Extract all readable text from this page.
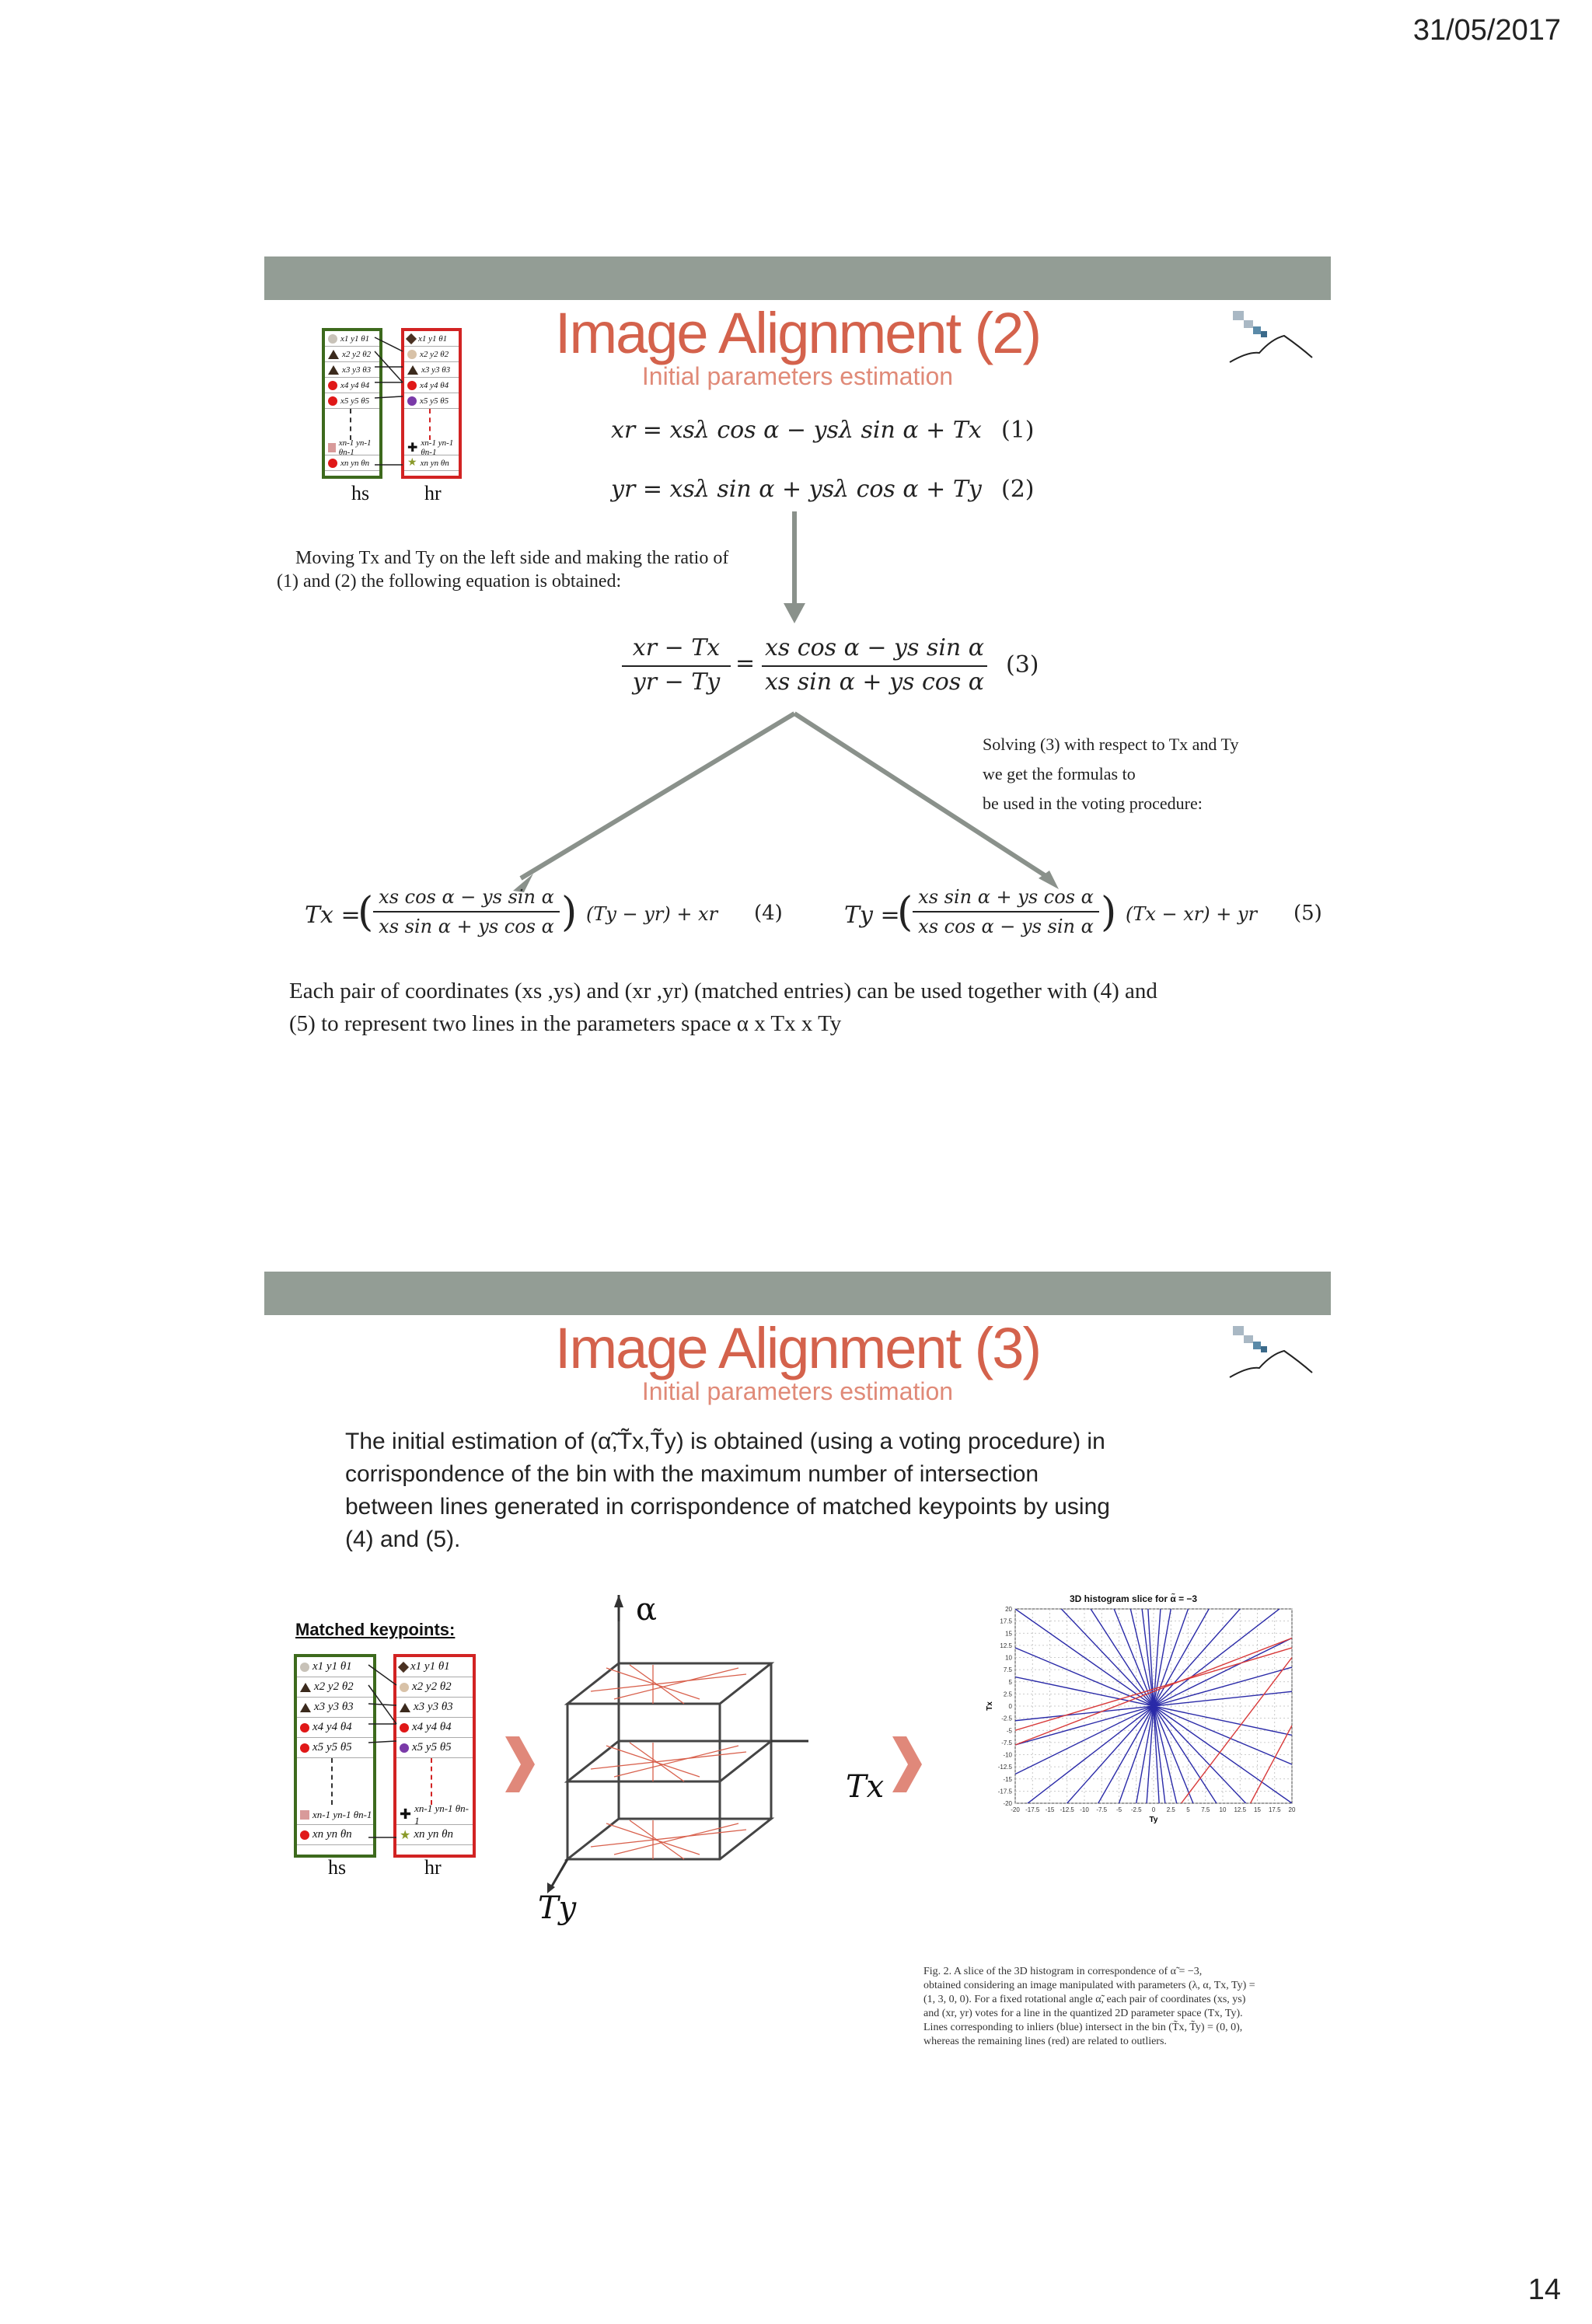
31/05/2017
x1 y1 θ1
x2 y2 θ2
x3 y3 θ3
x4 y4 θ4
x5 y5 θ5
xn-1 yn-1 θn-1
xn yn θn
x1 y1 θ1
x2 y2 θ2
x3 y3 θ3
x4 y4 θ4
x5 y5 θ5
✚ xn-1 yn-1 θn-1
★ xn yn θn
hs	hr
Image Alignment (2)
Initial parameters estimation
xr = xsλ cos α − ysλ sin α + Tx (1)
yr = xsλ sin α + ysλ cos α + Ty (2)
Moving Tx and Ty on the left side and making the ratio of
(1) and (2) the following equation is obtained:
xr − Tx
yr − Ty
=
xs cos α − ys sin α
xs sin α + ys cos α
(3)
Solving (3) with respect to Tx and Ty
we get the formulas to
be used in the voting procedure:
Tx =
( xs cos α − ys sin α
xs sin α + ys cos α ) (Ty − yr) + xr (4)	Ty =
( xs sin α + ys cos α
xs cos α − ys sin α ) (Tx − xr) + yr (5)
Each pair of coordinates (xs ,ys) and (xr ,yr) (matched entries) can be used together with (4) and
(5) to represent two lines in the parameters space α x Tx x Ty
Image Alignment (3)
Initial parameters estimation
The initial estimation of (α̃,T̃x,T̃y) is obtained (using a voting procedure) in
corrispondence of the bin with the maximum number of intersection
between lines generated in corrispondence of matched keypoints by using
(4) and (5).
Matched keypoints:
x1 y1 θ1
x2 y2 θ2
x3 y3 θ3
x4 y4 θ4
x5 y5 θ5
xn-1 yn-1 θn-1
xn yn θn
x1 y1 θ1
x2 y2 θ2
x3 y3 θ3
x4 y4 θ4
x5 y5 θ5
✚ xn-1 yn-1 θn-1
★ xn yn θn
hs	hr
α
Tx
Ty
3D histogram slice for α̃ = −3
20
17.5
15
12.5
10
7.5
5
2.5
0
-2.5
-5
-7.5
-10
-12.5
-15
-17.5
-20
-20 -17.5 -15 -12.5 -10 -7.5 -5 -2.5 0 2.5 5 7.5 10 12.5 15 17.5 20
Ty
Tx
Fig. 2. A slice of the 3D histogram in correspondence of α̃ = −3,
obtained considering an image manipulated with parameters (λ, α, Tx, Ty) =
(1, 3, 0, 0). For a fixed rotational angle α̃, each pair of coordinates (xs, ys)
and (xr, yr) votes for a line in the quantized 2D parameter space (Tx, Ty).
Lines corresponding to inliers (blue) intersect in the bin (T̃x, T̃y) = (0, 0),
whereas the remaining lines (red) are related to outliers.
14
